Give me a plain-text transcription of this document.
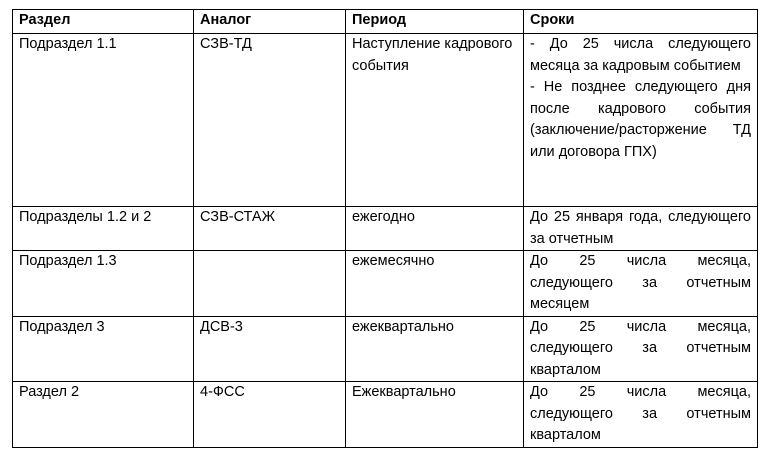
Раздел	Аналог	Период	Сроки
Подраздел 1.1	СЗВ-ТД	Наступление кадрового события	- До 25 числа следующего месяца за кадровым событием
- Не позднее следующего дня после кадрового события (заключение/расторжение ТД или договора ГПХ)

Подразделы 1.2 и 2	СЗВ-СТАЖ	ежегодно	До 25 января года, следующего за отчетным

Подраздел 1.3		ежемесячно	До 25 числа месяца, следующего за отчетным месяцем

Подраздел 3	ДСВ-3	ежеквартально	До 25 числа месяца, следующего за отчетным кварталом

Раздел 2	4-ФСС	Ежеквартально	До 25 числа месяца, следующего за отчетным кварталом
